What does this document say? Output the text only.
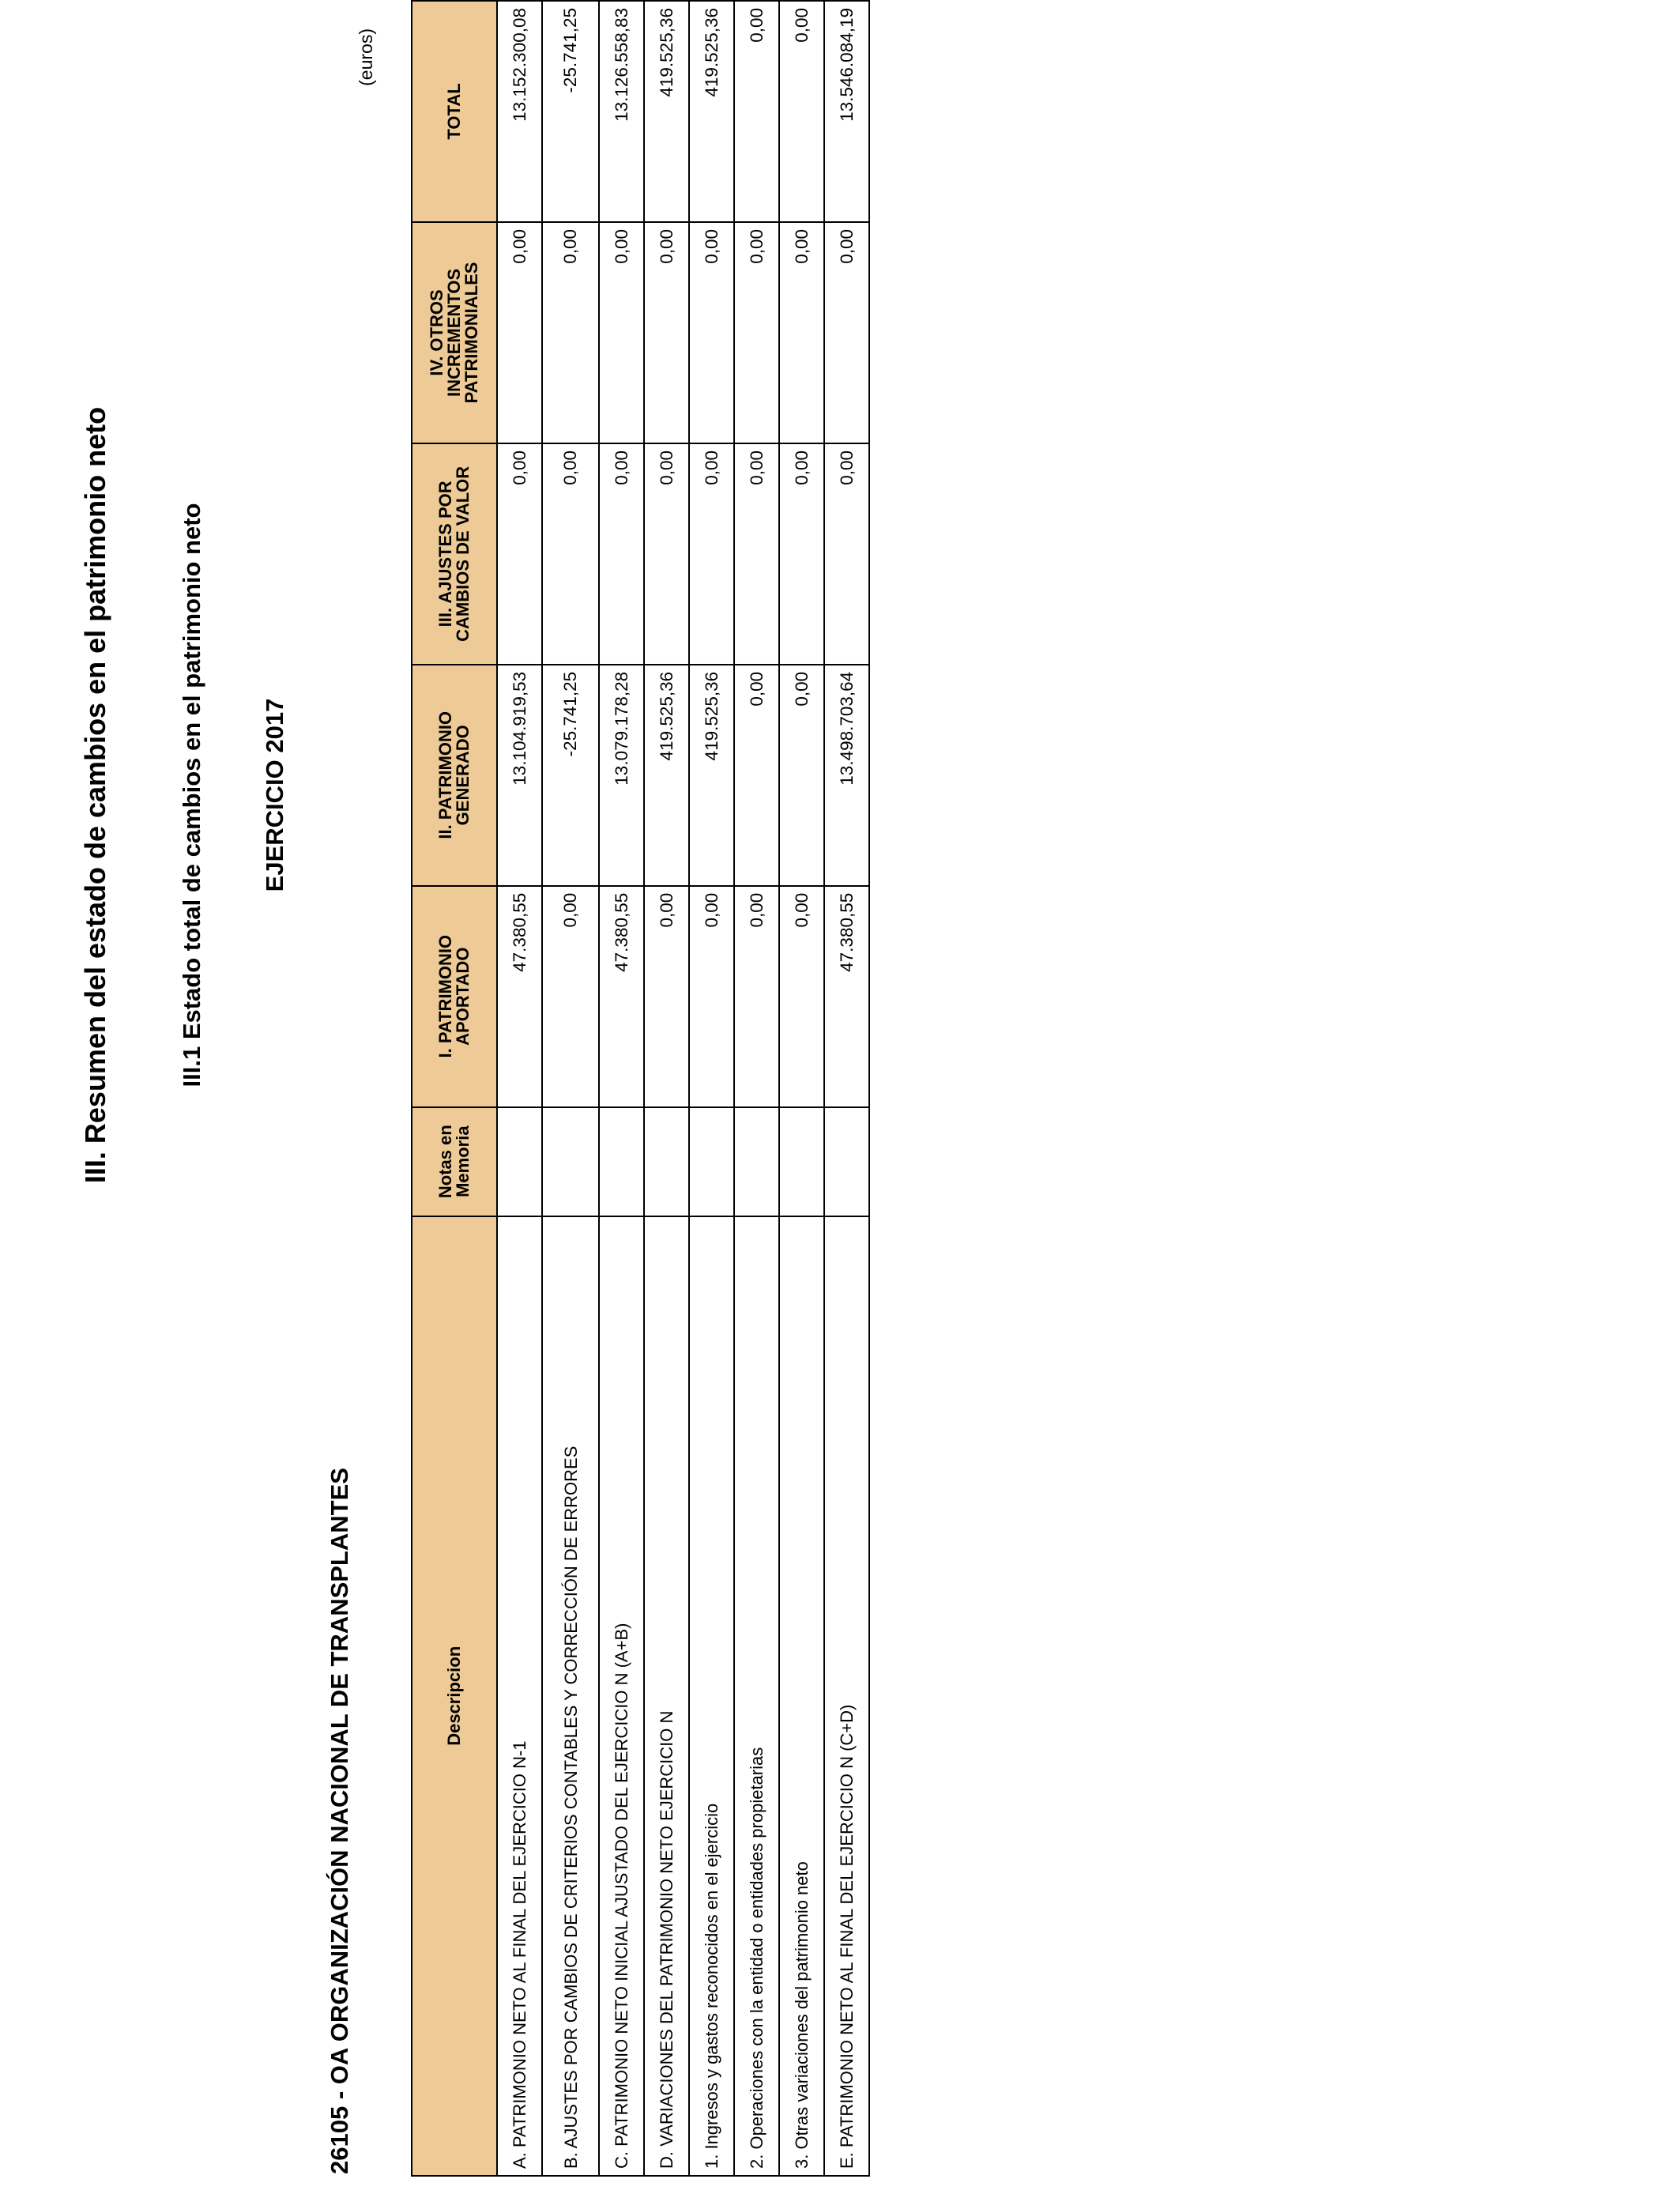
III. Resumen del estado de cambios en el patrimonio neto	III.1 Estado total de cambios en el patrimonio neto EJERCICIO 2017
26105 - OA ORGANIZACIÓN NACIONAL DE TRANSPLANTES
(euros)
Descripcion	Notas en Memoria	I. PATRIMONIO APORTADO	II. PATRIMONIO GENERADO	III. AJUSTES POR CAMBIOS DE VALOR	IV. OTROS INCREMENTOS PATRIMONIALES	TOTAL
A. PATRIMONIO NETO AL FINAL DEL EJERCICIO N-1		47.380,55	13.104.919,53	0,00	0,00	13.152.300,08
B. AJUSTES POR CAMBIOS DE CRITERIOS CONTABLES Y CORRECCIÓN DE ERRORES		0,00	-25.741,25	0,00	0,00	-25.741,25
C. PATRIMONIO NETO INICIAL AJUSTADO DEL EJERCICIO N (A+B)		47.380,55	13.079.178,28	0,00	0,00	13.126.558,83
D. VARIACIONES DEL PATRIMONIO NETO EJERCICIO N		0,00	419.525,36	0,00	0,00	419.525,36
1. Ingresos y gastos reconocidos en el ejercicio		0,00	419.525,36	0,00	0,00	419.525,36
2. Operaciones con la entidad o entidades propietarias		0,00	0,00	0,00	0,00	0,00
3. Otras variaciones del patrimonio neto		0,00	0,00	0,00	0,00	0,00
E. PATRIMONIO NETO AL FINAL DEL EJERCICIO N (C+D)		47.380,55	13.498.703,64	0,00	0,00	13.546.084,19
